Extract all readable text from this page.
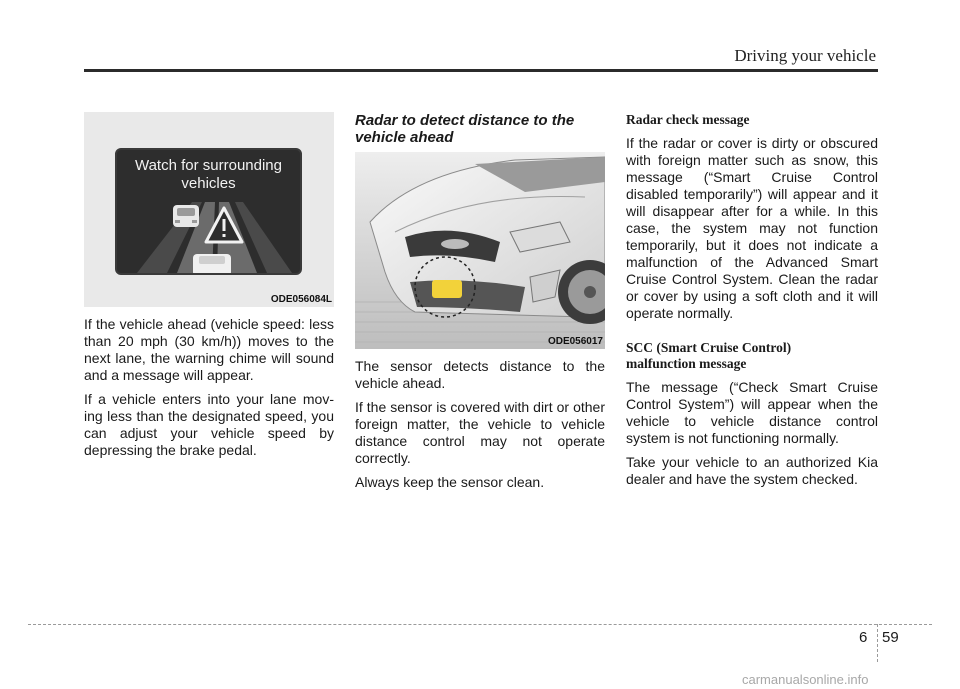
Driving your vehicle
Watch for surrounding
vehicles
ODE056084L

If the vehicle ahead (vehicle speed: less than 20 mph (30 km/h)) moves to the next lane, the warning chime will sound and a message will appear.

If a vehicle enters into your lane mov-ing less than the designated speed, you can adjust your vehicle speed by depressing the brake pedal.

Radar to detect distance to the vehicle ahead
ODE056017

The sensor detects distance to the vehicle ahead.

If the sensor is covered with dirt or other foreign matter, the vehicle to vehicle distance control may not operate correctly.

Always keep the sensor clean.

Radar check message

If the radar or cover is dirty or obscured with foreign matter such as snow, this message (“Smart Cruise Control disabled temporarily”) will appear and it will disappear after for a while. In this case, the system may not function temporarily, but it does not indicate a malfunction of the Advanced Smart Cruise Control System. Clean the radar or cover by using a soft cloth and it will operate normally.

SCC (Smart Cruise Control)
malfunction message

The message (“Check Smart Cruise Control System”) will appear when the vehicle to vehicle distance control system is not functioning normally.

Take your vehicle to an authorized Kia dealer and have the system checked.

6 59
carmanualsonline.info
